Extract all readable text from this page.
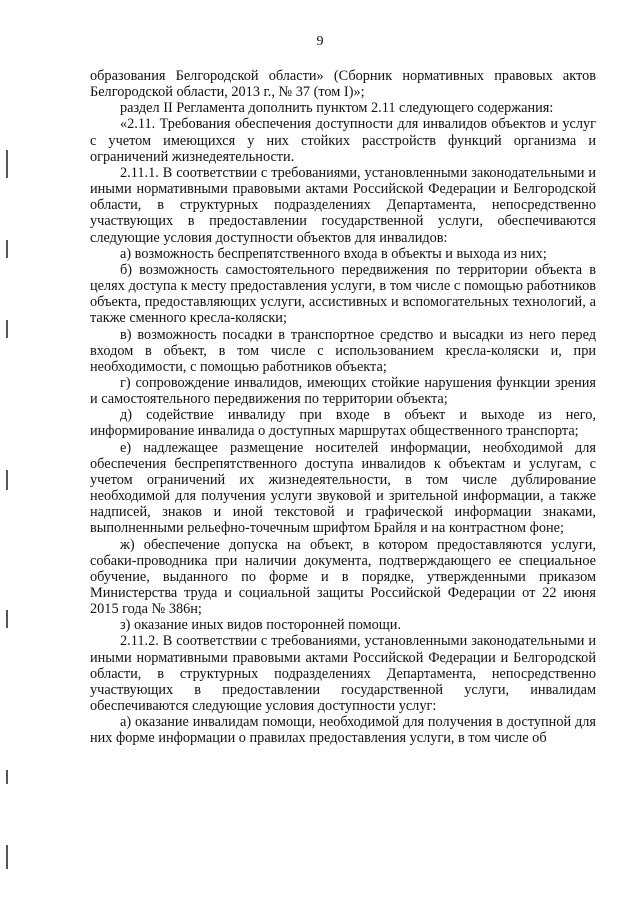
9

образования Белгородской области» (Сборник нормативных правовых актов Белгородской области, 2013 г., № 37 (том I)»;

раздел II Регламента дополнить пунктом 2.11 следующего содержания:

«2.11. Требования обеспечения доступности для инвалидов объектов и услуг с учетом имеющихся у них стойких расстройств функций организма и ограничений жизнедеятельности.

2.11.1. В соответствии с требованиями, установленными законодательными и иными нормативными правовыми актами Российской Федерации и Белгородской области, в структурных подразделениях Департамента, непосредственно участвующих в предоставлении государственной услуги, обеспечиваются следующие условия доступности объектов для инвалидов:

а) возможность беспрепятственного входа в объекты и выхода из них;

б) возможность самостоятельного передвижения по территории объекта в целях доступа к месту предоставления услуги, в том числе с помощью работников объекта, предоставляющих услуги, ассистивных и вспомогательных технологий, а также сменного кресла-коляски;

в) возможность посадки в транспортное средство и высадки из него перед входом в объект, в том числе с использованием кресла-коляски и, при необходимости, с помощью работников объекта;

г) сопровождение инвалидов, имеющих стойкие нарушения функции зрения и самостоятельного передвижения по территории объекта;

д) содействие инвалиду при входе в объект и выходе из него, информирование инвалида о доступных маршрутах общественного транспорта;

е) надлежащее размещение носителей информации, необходимой для обеспечения беспрепятственного доступа инвалидов к объектам и услугам, с учетом ограничений их жизнедеятельности, в том числе дублирование необходимой для получения услуги звуковой и зрительной информации, а также надписей, знаков и иной текстовой и графической информации знаками, выполненными рельефно-точечным шрифтом Брайля и на контрастном фоне;

ж) обеспечение допуска на объект, в котором предоставляются услуги, собаки-проводника при наличии документа, подтверждающего ее специальное обучение, выданного по форме и в порядке, утвержденными приказом Министерства труда и социальной защиты Российской Федерации от 22 июня 2015 года № 386н;

з) оказание иных видов посторонней помощи.

2.11.2. В соответствии с требованиями, установленными законодательными и иными нормативными правовыми актами Российской Федерации и Белгородской области, в структурных подразделениях Департамента, непосредственно участвующих в предоставлении государственной услуги, инвалидам обеспечиваются следующие условия доступности услуг:

а) оказание инвалидам помощи, необходимой для получения в доступной для них форме информации о правилах предоставления услуги, в том числе об
